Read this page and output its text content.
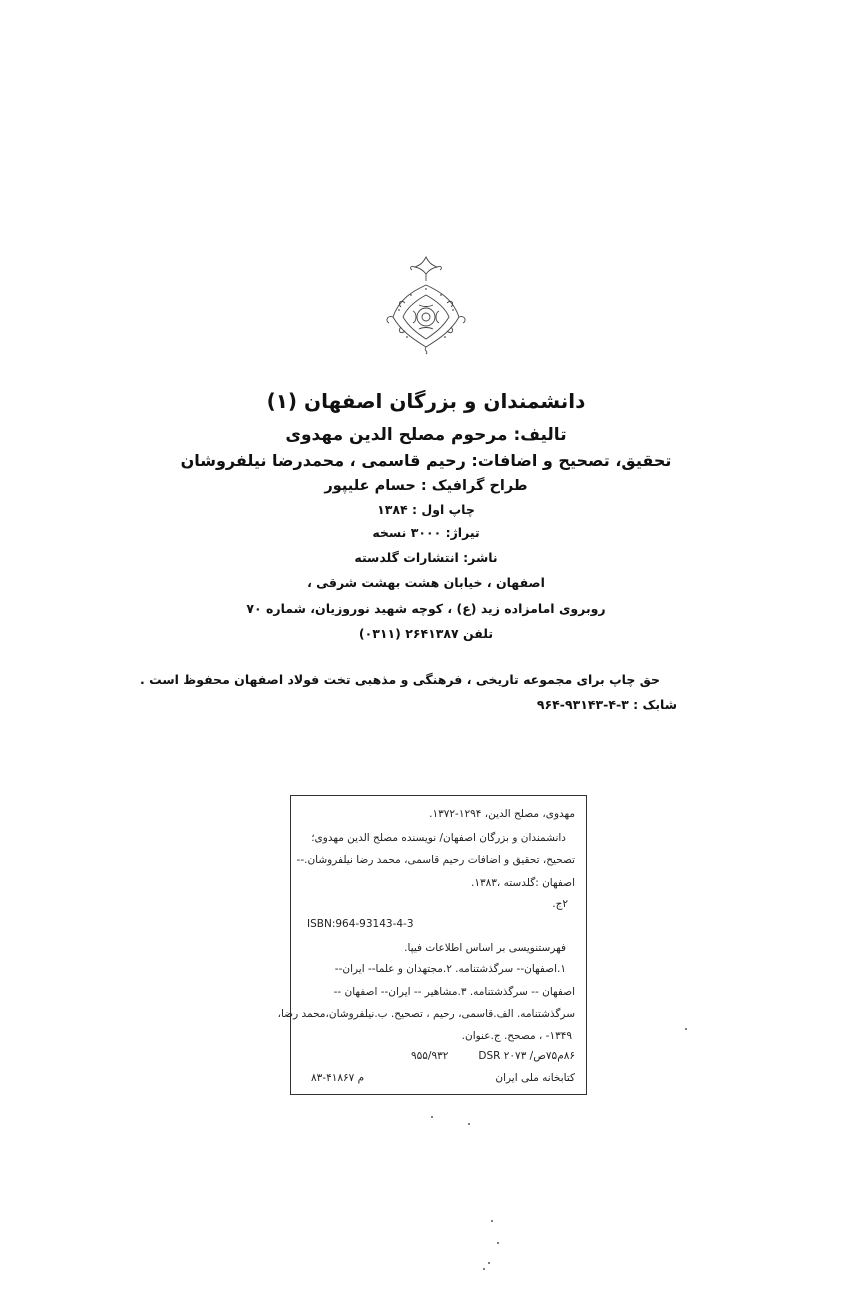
دانشمندان و بزرگان اصفهان (۱)
تالیف: مرحوم مصلح الدین مهدوی
تحقیق، تصحیح و اضافات: رحیم قاسمی ، محمدرضا نیلفروشان
طراح گرافیک : حسام علیپور
چاپ اول : ۱۳۸۴
تیراژ: ۳۰۰۰ نسخه
ناشر: انتشارات گلدسته
اصفهان ، خیابان هشت بهشت شرقی ،
روبروی امامزاده زید (ع) ، کوچه شهید نوروزیان، شماره ۷۰
تلفن ۲۶۴۱۳۸۷ (۰۳۱۱)
حق چاپ برای مجموعه تاریخی ، فرهنگی و مذهبی تخت فولاد اصفهان محفوظ است .
شابک : ۳-۴-۹۳۱۴۳-۹۶۴
مهدوی، مصلح الدین، ۱۲۹۴-۱۳۷۲.
دانشمندان و بزرگان اصفهان/ نویسنده مصلح الدین مهدوی؛
تصحیح، تحقیق و اضافات رحیم قاسمی، محمد رضا نیلفروشان.--
اصفهان :گلدسته ،۱۳۸۳.
۲ج.
ISBN:964-93143-4-3
فهرستنویسی بر اساس اطلاعات فیپا.
۱.اصفهان-- سرگذشتنامه. ۲.مجتهدان و علما-- ایران--
اصفهان -- سرگذشتنامه. ۳.مشاهیر -- ایران-- اصفهان --
سرگذشتنامه. الف.قاسمی، رحیم ، تصحیح. ب.نیلفروشان،محمد رضا،
۱۳۴۹- ، مصحح. ج.عنوان.
۹۵۵/۹۳۲	۸۶م۷۵ص/ ۲۰۷۳ DSR
کتابخانه ملی ایران
م ۴۱۸۶۷-۸۳
